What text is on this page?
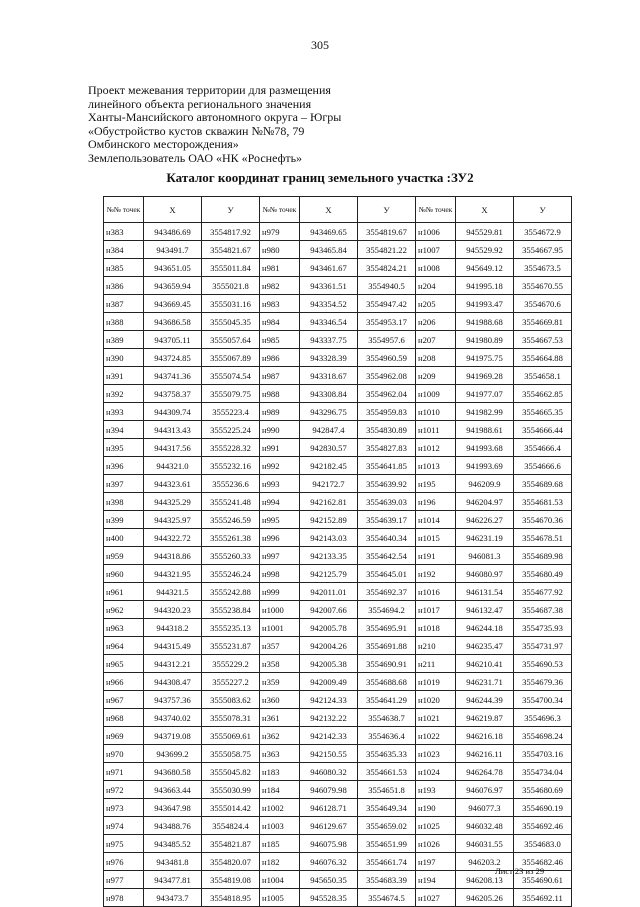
305
Проект межевания территории для размещения
линейного объекта регионального значения
Ханты-Мансийского автономного округа – Югры
«Обустройство кустов скважин №№78, 79
Омбинского месторождения»
Землепользователь ОАО «НК «Роснефть»
Каталог координат границ земельного участка :ЗУ2
№№ точек	X	У	№№ точек	X	У	№№ точек	X	У
н383	943486.69	3554817.92	н979	943469.65	3554819.67	н1006	945529.81	3554672.9
н384	943491.7	3554821.67	н980	943465.84	3554821.22	н1007	945529.92	3554667.95
н385	943651.05	3555011.84	н981	943461.67	3554824.21	н1008	945649.12	3554673.5
н386	943659.94	3555021.8	н982	943361.51	3554940.5	н204	941995.18	3554670.55
н387	943669.45	3555031.16	н983	943354.52	3554947.42	н205	941993.47	3554670.6
н388	943686.58	3555045.35	н984	943346.54	3554953.17	н206	941988.68	3554669.81
н389	943705.11	3555057.64	н985	943337.75	3554957.6	н207	941980.89	3554667.53
н390	943724.85	3555067.89	н986	943328.39	3554960.59	н208	941975.75	3554664.88
н391	943741.36	3555074.54	н987	943318.67	3554962.08	н209	941969.28	3554658.1
н392	943758.37	3555079.75	н988	943308.84	3554962.04	н1009	941977.07	3554662.85
н393	944309.74	3555223.4	н989	943296.75	3554959.83	н1010	941982.99	3554665.35
н394	944313.43	3555225.24	н990	942847.4	3554830.89	н1011	941988.61	3554666.44
н395	944317.56	3555228.32	н991	942830.57	3554827.83	н1012	941993.68	3554666.4
н396	944321.0	3555232.16	н992	942182.45	3554641.85	н1013	941993.69	3554666.6
н397	944323.61	3555236.6	н993	942172.7	3554639.92	н195	946209.9	3554689.68
н398	944325.29	3555241.48	н994	942162.81	3554639.03	н196	946204.97	3554681.53
н399	944325.97	3555246.59	н995	942152.89	3554639.17	н1014	946226.27	3554670.36
н400	944322.72	3555261.38	н996	942143.03	3554640.34	н1015	946231.19	3554678.51
н959	944318.86	3555260.33	н997	942133.35	3554642.54	н191	946081.3	3554689.98
н960	944321.95	3555246.24	н998	942125.79	3554645.01	н192	946080.97	3554680.49
н961	944321.5	3555242.88	н999	942011.01	3554692.37	н1016	946131.54	3554677.92
н962	944320.23	3555238.84	н1000	942007.66	3554694.2	н1017	946132.47	3554687.38
н963	944318.2	3555235.13	н1001	942005.78	3554695.91	н1018	946244.18	3554735.93
н964	944315.49	3555231.87	н357	942004.26	3554691.88	н210	946235.47	3554731.97
н965	944312.21	3555229.2	н358	942005.38	3554690.91	н211	946210.41	3554690.53
н966	944308.47	3555227.2	н359	942009.49	3554688.68	н1019	946231.71	3554679.36
н967	943757.36	3555083.62	н360	942124.33	3554641.29	н1020	946244.39	3554700.34
н968	943740.02	3555078.31	н361	942132.22	3554638.7	н1021	946219.87	3554696.3
н969	943719.08	3555069.61	н362	942142.33	3554636.4	н1022	946216.18	3554698.24
н970	943699.2	3555058.75	н363	942150.55	3554635.33	н1023	946216.11	3554703.16
н971	943680.58	3555045.82	н183	946080.32	3554661.53	н1024	946264.78	3554734.04
н972	943663.44	3555030.99	н184	946079.98	3554651.8	н193	946076.97	3554680.69
н973	943647.98	3555014.42	н1002	946128.71	3554649.34	н190	946077.3	3554690.19
н974	943488.76	3554824.4	н1003	946129.67	3554659.02	н1025	946032.48	3554692.46
н975	943485.52	3554821.87	н185	946075.98	3554651.99	н1026	946031.55	3554683.0
н976	943481.8	3554820.07	н182	946076.32	3554661.74	н197	946203.2	3554682.46
н977	943477.81	3554819.08	н1004	945650.35	3554683.39	н194	946208.13	3554690.61
н978	943473.7	3554818.95	н1005	945528.35	3554674.5	н1027	946205.26	3554692.11
Лист 23 из 29
